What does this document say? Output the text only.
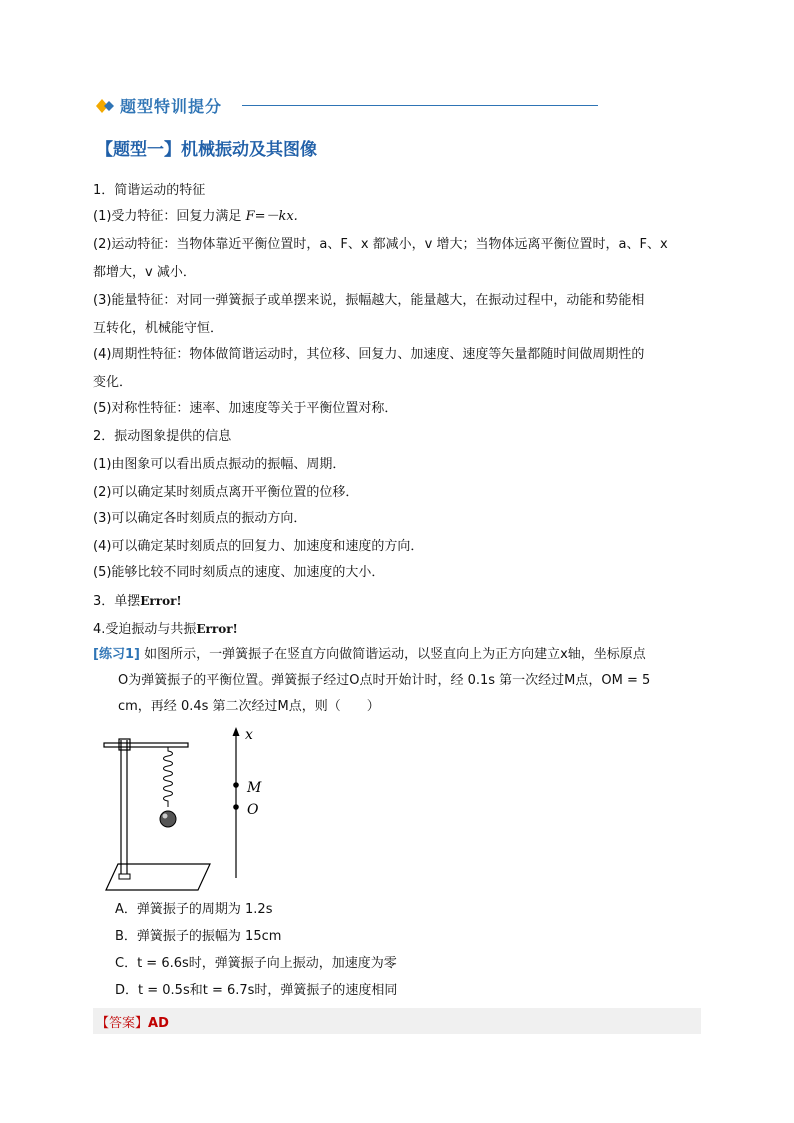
题型特训提分
【题型一】机械振动及其图像
1．简谐运动的特征
(1)受力特征：回复力满足 F=－kx.
(2)运动特征：当物体靠近平衡位置时，a、F、x 都减小，v 增大；当物体远离平衡位置时，a、F、x
都增大，v 减小．
(3)能量特征：对同一弹簧振子或单摆来说，振幅越大，能量越大，在振动过程中，动能和势能相
互转化，机械能守恒．
(4)周期性特征：物体做简谐运动时，其位移、回复力、加速度、速度等矢量都随时间做周期性的
变化．
(5)对称性特征：速率、加速度等关于平衡位置对称．
2．振动图象提供的信息
(1)由图象可以看出质点振动的振幅、周期．
(2)可以确定某时刻质点离开平衡位置的位移．
(3)可以确定各时刻质点的振动方向．
(4)可以确定某时刻质点的回复力、加速度和速度的方向．
(5)能够比较不同时刻质点的速度、加速度的大小．
3．单摆Error!
4.受迫振动与共振Error!
[练习1] 如图所示，一弹簧振子在竖直方向做简谐运动，以竖直向上为正方向建立x轴，坐标原点
O为弹簧振子的平衡位置。弹簧振子经过O点时开始计时，经 0.1s 第一次经过M点，OM = 5
cm，再经 0.4s 第二次经过M点，则（　　）
x
M
O
A．弹簧振子的周期为 1.2s
B．弹簧振子的振幅为 15cm
C．t = 6.6s时，弹簧振子向上振动，加速度为零
D．t = 0.5s和t = 6.7s时，弹簧振子的速度相同
【答案】AD
